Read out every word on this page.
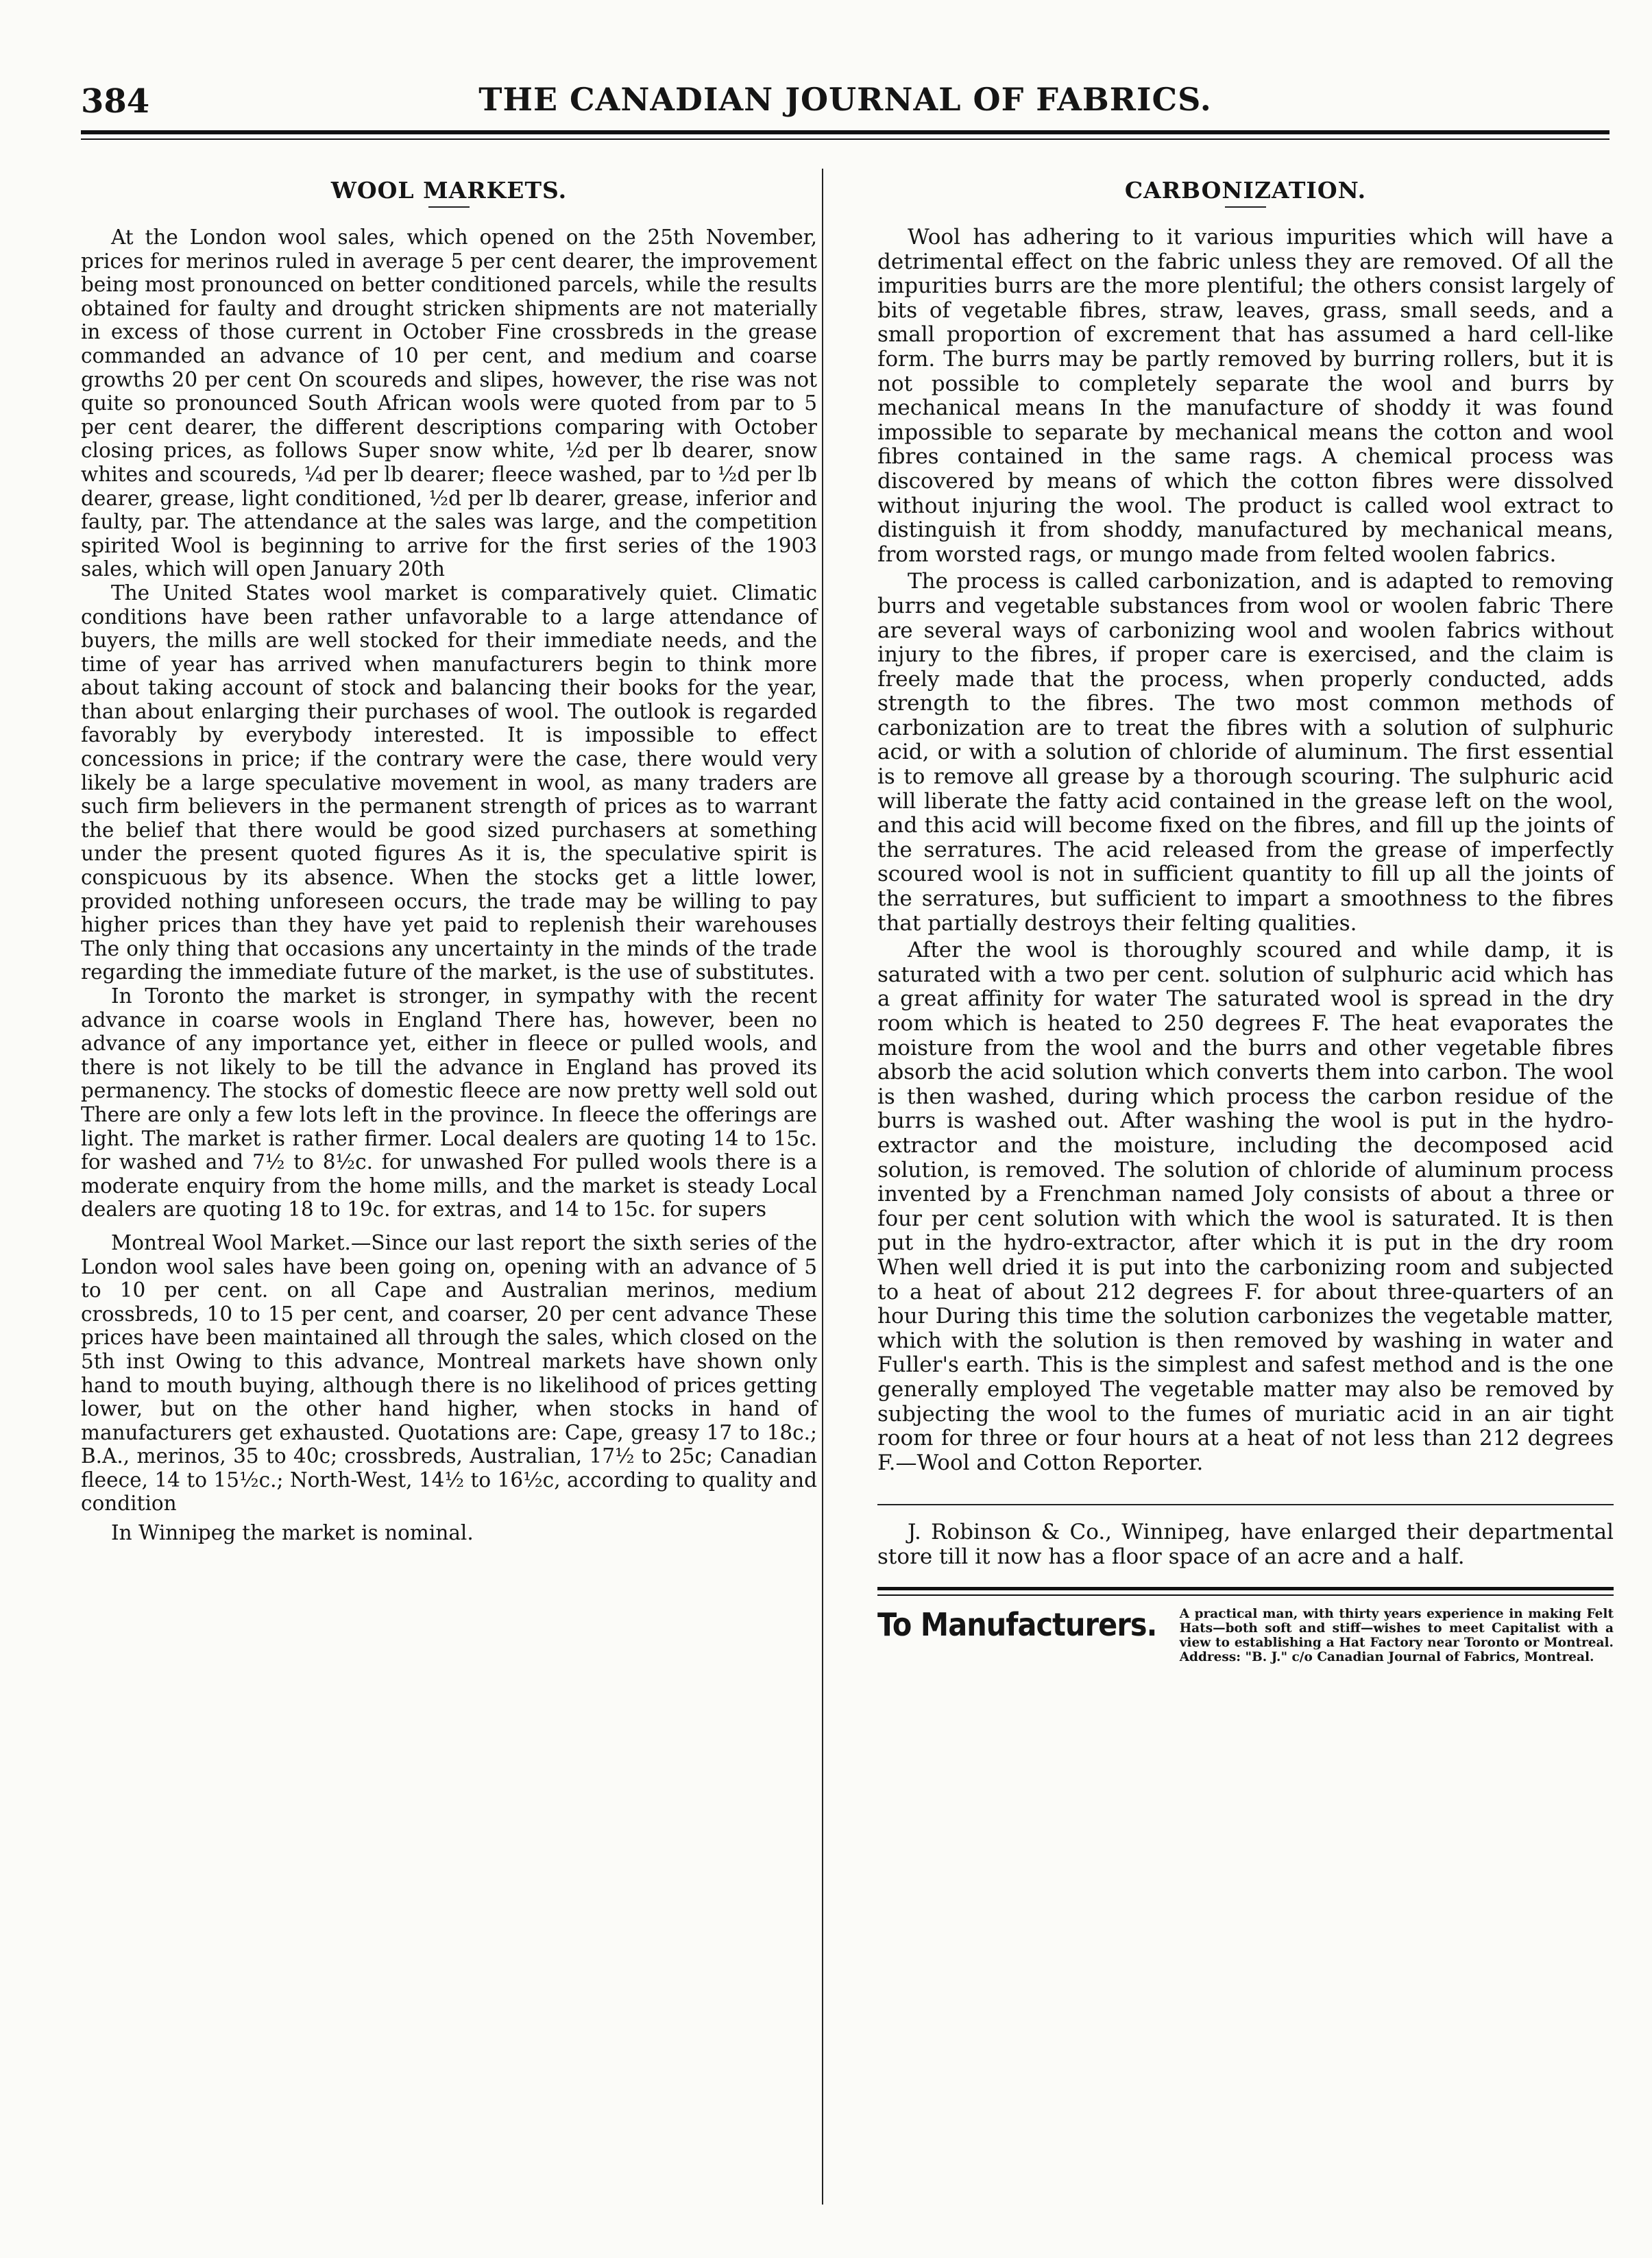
384	THE CANADIAN JOURNAL OF FABRICS.
WOOL MARKETS.

At the London wool sales, which opened on the 25th November, prices for merinos ruled in average 5 per cent dearer, the improvement being most pronounced on better conditioned parcels, while the results obtained for faulty and drought stricken shipments are not materially in excess of those current in October Fine crossbreds in the grease commanded an advance of 10 per cent, and medium and coarse growths 20 per cent On scoureds and slipes, however, the rise was not quite so pronounced South African wools were quoted from par to 5 per cent dearer, the different descriptions comparing with October closing prices, as follows Super snow white, ½d per lb dearer, snow whites and scoureds, ¼d per lb dearer; fleece washed, par to ½d per lb dearer, grease, light conditioned, ½d per lb dearer, grease, inferior and faulty, par. The attendance at the sales was large, and the competition spirited Wool is beginning to arrive for the first series of the 1903 sales, which will open January 20th

The United States wool market is comparatively quiet. Climatic conditions have been rather unfavorable to a large attendance of buyers, the mills are well stocked for their immediate needs, and the time of year has arrived when manufacturers begin to think more about taking account of stock and balancing their books for the year, than about enlarging their purchases of wool. The outlook is regarded favorably by everybody interested. It is impossible to effect concessions in price; if the contrary were the case, there would very likely be a large speculative movement in wool, as many traders are such firm believers in the permanent strength of prices as to warrant the belief that there would be good sized purchasers at something under the present quoted figures As it is, the speculative spirit is conspicuous by its absence. When the stocks get a little lower, provided nothing unforeseen occurs, the trade may be willing to pay higher prices than they have yet paid to replenish their warehouses The only thing that occasions any uncertainty in the minds of the trade regarding the immediate future of the market, is the use of substitutes.

In Toronto the market is stronger, in sympathy with the recent advance in coarse wools in England There has, however, been no advance of any importance yet, either in fleece or pulled wools, and there is not likely to be till the advance in England has proved its permanency. The stocks of domestic fleece are now pretty well sold out There are only a few lots left in the province. In fleece the offerings are light. The market is rather firmer. Local dealers are quoting 14 to 15c. for washed and 7½ to 8½c. for unwashed For pulled wools there is a moderate enquiry from the home mills, and the market is steady Local dealers are quoting 18 to 19c. for extras, and 14 to 15c. for supers

Montreal Wool Market.—Since our last report the sixth series of the London wool sales have been going on, opening with an advance of 5 to 10 per cent. on all Cape and Australian merinos, medium crossbreds, 10 to 15 per cent, and coarser, 20 per cent advance These prices have been maintained all through the sales, which closed on the 5th inst Owing to this advance, Montreal markets have shown only hand to mouth buying, although there is no likelihood of prices getting lower, but on the other hand higher, when stocks in hand of manufacturers get exhausted. Quotations are: Cape, greasy 17 to 18c.; B.A., merinos, 35 to 40c; crossbreds, Australian, 17½ to 25c; Canadian fleece, 14 to 15½c.; North-West, 14½ to 16½c, according to quality and condition

In Winnipeg the market is nominal.

CARBONIZATION.

Wool has adhering to it various impurities which will have a detrimental effect on the fabric unless they are removed. Of all the impurities burrs are the more plentiful; the others consist largely of bits of vegetable fibres, straw, leaves, grass, small seeds, and a small proportion of excrement that has assumed a hard cell-like form. The burrs may be partly removed by burring rollers, but it is not possible to completely separate the wool and burrs by mechanical means In the manufacture of shoddy it was found impossible to separate by mechanical means the cotton and wool fibres contained in the same rags. A chemical process was discovered by means of which the cotton fibres were dissolved without injuring the wool. The product is called wool extract to distinguish it from shoddy, manufactured by mechanical means, from worsted rags, or mungo made from felted woolen fabrics.

The process is called carbonization, and is adapted to removing burrs and vegetable substances from wool or woolen fabric There are several ways of carbonizing wool and woolen fabrics without injury to the fibres, if proper care is exercised, and the claim is freely made that the process, when properly conducted, adds strength to the fibres. The two most common methods of carbonization are to treat the fibres with a solution of sulphuric acid, or with a solution of chloride of aluminum. The first essential is to remove all grease by a thorough scouring. The sulphuric acid will liberate the fatty acid contained in the grease left on the wool, and this acid will become fixed on the fibres, and fill up the joints of the serratures. The acid released from the grease of imperfectly scoured wool is not in sufficient quantity to fill up all the joints of the serratures, but sufficient to impart a smoothness to the fibres that partially destroys their felting qualities.

After the wool is thoroughly scoured and while damp, it is saturated with a two per cent. solution of sulphuric acid which has a great affinity for water The saturated wool is spread in the dry room which is heated to 250 degrees F. The heat evaporates the moisture from the wool and the burrs and other vegetable fibres absorb the acid solution which converts them into carbon. The wool is then washed, during which process the carbon residue of the burrs is washed out. After washing the wool is put in the hydro-extractor and the moisture, including the decomposed acid solution, is removed. The solution of chloride of aluminum process invented by a Frenchman named Joly consists of about a three or four per cent solution with which the wool is saturated. It is then put in the hydro-extractor, after which it is put in the dry room When well dried it is put into the carbonizing room and subjected to a heat of about 212 degrees F. for about three-quarters of an hour During this time the solution carbonizes the vegetable matter, which with the solution is then removed by washing in water and Fuller's earth. This is the simplest and safest method and is the one generally employed The vegetable matter may also be removed by subjecting the wool to the fumes of muriatic acid in an air tight room for three or four hours at a heat of not less than 212 degrees F.—Wool and Cotton Reporter.

J. Robinson & Co., Winnipeg, have enlarged their departmental store till it now has a floor space of an acre and a half.

To Manufacturers. A practical man, with thirty years experience in making Felt Hats—both soft and stiff—wishes to meet Capitalist with a view to establishing a Hat Factory near Toronto or Montreal. Address: "B. J." c/o Canadian Journal of Fabrics, Montreal.
